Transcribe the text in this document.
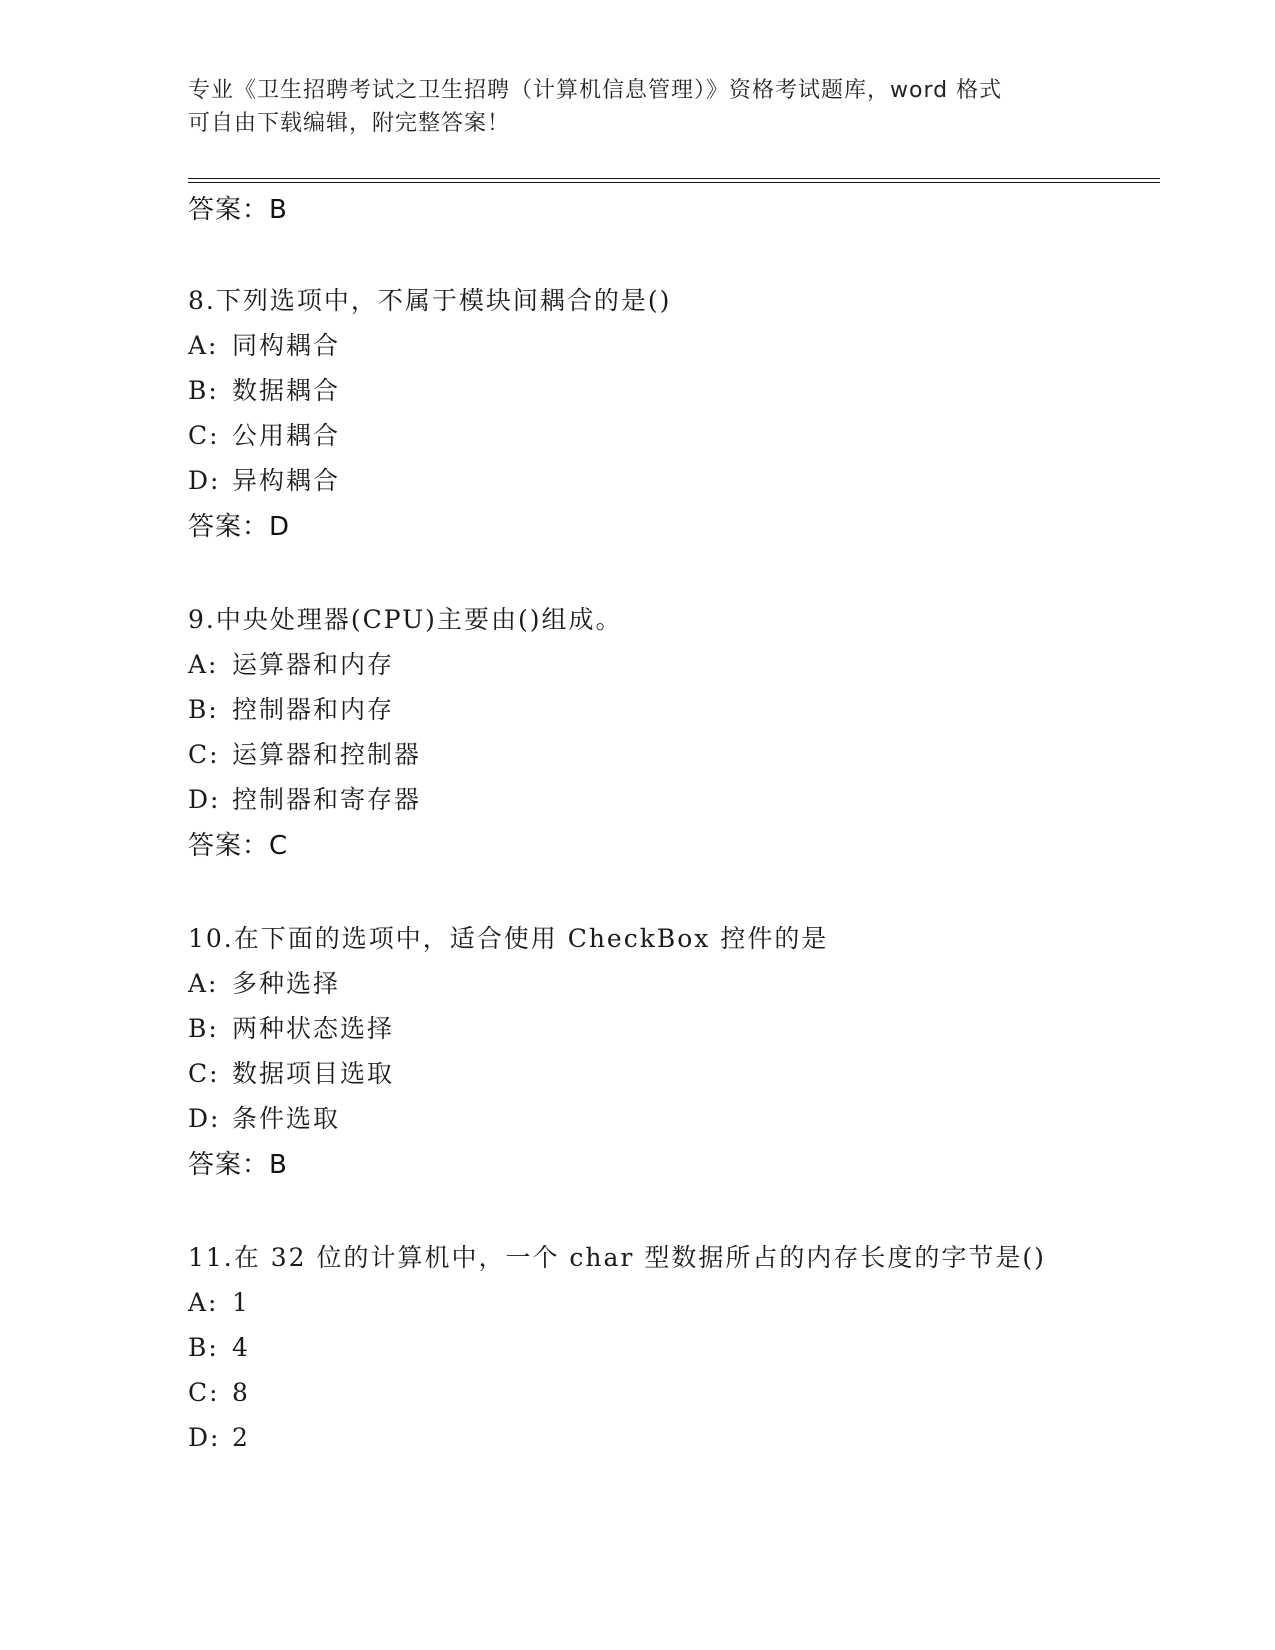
专业《卫生招聘考试之卫生招聘（计算机信息管理）》资格考试题库，word 格式
可自由下载编辑，附完整答案！
答案：B
8.下列选项中，不属于模块间耦合的是()
A: 同构耦合
B: 数据耦合
C: 公用耦合
D: 异构耦合
答案：D
9.中央处理器(CPU)主要由()组成。
A: 运算器和内存
B: 控制器和内存
C: 运算器和控制器
D: 控制器和寄存器
答案：C
10.在下面的选项中，适合使用 CheckBox 控件的是
A: 多种选择
B: 两种状态选择
C: 数据项目选取
D: 条件选取
答案：B
11.在 32 位的计算机中，一个 char 型数据所占的内存长度的字节是()
A: 1
B: 4
C: 8
D: 2
